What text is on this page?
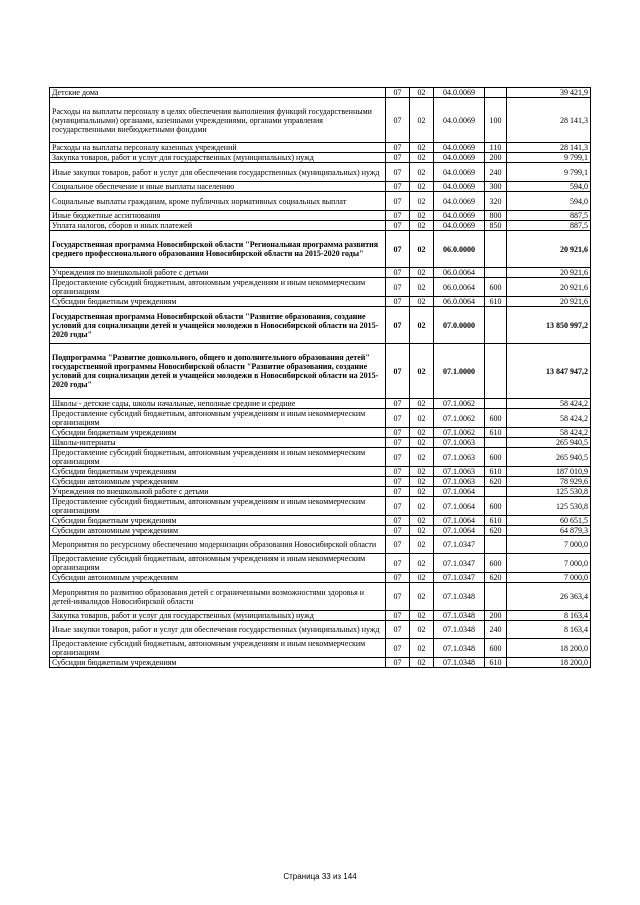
Детские дома	07	02	04.0.0069		39 421,9
Расходы на выплаты персоналу в целях обеспечения выполнения функций государственными (муниципальными) органами, казенными учреждениями, органами управления государственными внебюджетными фондами	07	02	04.0.0069	100	28 141,3
Расходы на выплаты персоналу казенных учреждений	07	02	04.0.0069	110	28 141,3
Закупка товаров, работ и услуг для государственных (муниципальных) нужд	07	02	04.0.0069	200	9 799,1
Иные закупки товаров, работ и услуг для обеспечения государственных (муниципальных) нужд	07	02	04.0.0069	240	9 799,1
Социальное обеспечение и иные выплаты населению	07	02	04.0.0069	300	594,0
Социальные выплаты гражданам, кроме публичных нормативных социальных выплат	07	02	04.0.0069	320	594,0
Иные бюджетные ассигнования	07	02	04.0.0069	800	887,5
Уплата налогов, сборов и иных платежей	07	02	04.0.0069	850	887,5
Государственная программа Новосибирской области "Региональная программа развития среднего профессионального образования Новосибирской области на 2015-2020 годы"	07	02	06.0.0000		20 921,6
Учреждения по внешкольной работе с детьми	07	02	06.0.0064		20 921,6
Предоставление субсидий бюджетным, автономным учреждениям и иным некоммерческим организациям	07	02	06.0.0064	600	20 921,6
Субсидии бюджетным учреждениям	07	02	06.0.0064	610	20 921,6
Государственная программа Новосибирской области "Развитие образования, создание условий для социализации детей и учащейся молодежи в Новосибирской области на 2015-2020 годы"	07	02	07.0.0000		13 850 997,2
Подпрограмма "Развитие дошкольного, общего и дополнительного образования детей" государственной программы Новосибирской области "Развитие образования, создание условий для социализации детей и учащейся молодежи в Новосибирской области на 2015-2020 годы"	07	02	07.1.0000		13 847 947,2
Школы - детские сады, школы начальные, неполные средние и средние	07	02	07.1.0062		58 424,2
Предоставление субсидий бюджетным, автономным учреждениям и иным некоммерческим организациям	07	02	07.1.0062	600	58 424,2
Субсидии бюджетным учреждениям	07	02	07.1.0062	610	58 424,2
Школы-интернаты	07	02	07.1.0063		265 940,5
Предоставление субсидий бюджетным, автономным учреждениям и иным некоммерческим организациям	07	02	07.1.0063	600	265 940,5
Субсидии бюджетным учреждениям	07	02	07.1.0063	610	187 010,9
Субсидии автономным учреждениям	07	02	07.1.0063	620	78 929,6
Учреждения по внешкольной работе с детьми	07	02	07.1.0064		125 530,8
Предоставление субсидий бюджетным, автономным учреждениям и иным некоммерческим организациям	07	02	07.1.0064	600	125 530,8
Субсидии бюджетным учреждениям	07	02	07.1.0064	610	60 651,5
Субсидии автономным учреждениям	07	02	07.1.0064	620	64 879,3
Мероприятия по ресурсному обеспечению модернизации образования Новосибирской области	07	02	07.1.0347		7 000,0
Предоставление субсидий бюджетным, автономным учреждениям и иным некоммерческим организациям	07	02	07.1.0347	600	7 000,0
Субсидии автономным учреждениям	07	02	07.1.0347	620	7 000,0
Мероприятия по развитию образования детей с ограниченными возможностями здоровья и детей-инвалидов Новосибирской области	07	02	07.1.0348		26 363,4
Закупка товаров, работ и услуг для государственных (муниципальных) нужд	07	02	07.1.0348	200	8 163,4
Иные закупки товаров, работ и услуг для обеспечения государственных (муниципальных) нужд	07	02	07.1.0348	240	8 163,4
Предоставление субсидий бюджетным, автономным учреждениям и иным некоммерческим организациям	07	02	07.1.0348	600	18 200,0
Субсидии бюджетным учреждениям	07	02	07.1.0348	610	18 200,0
Страница 33 из 144
